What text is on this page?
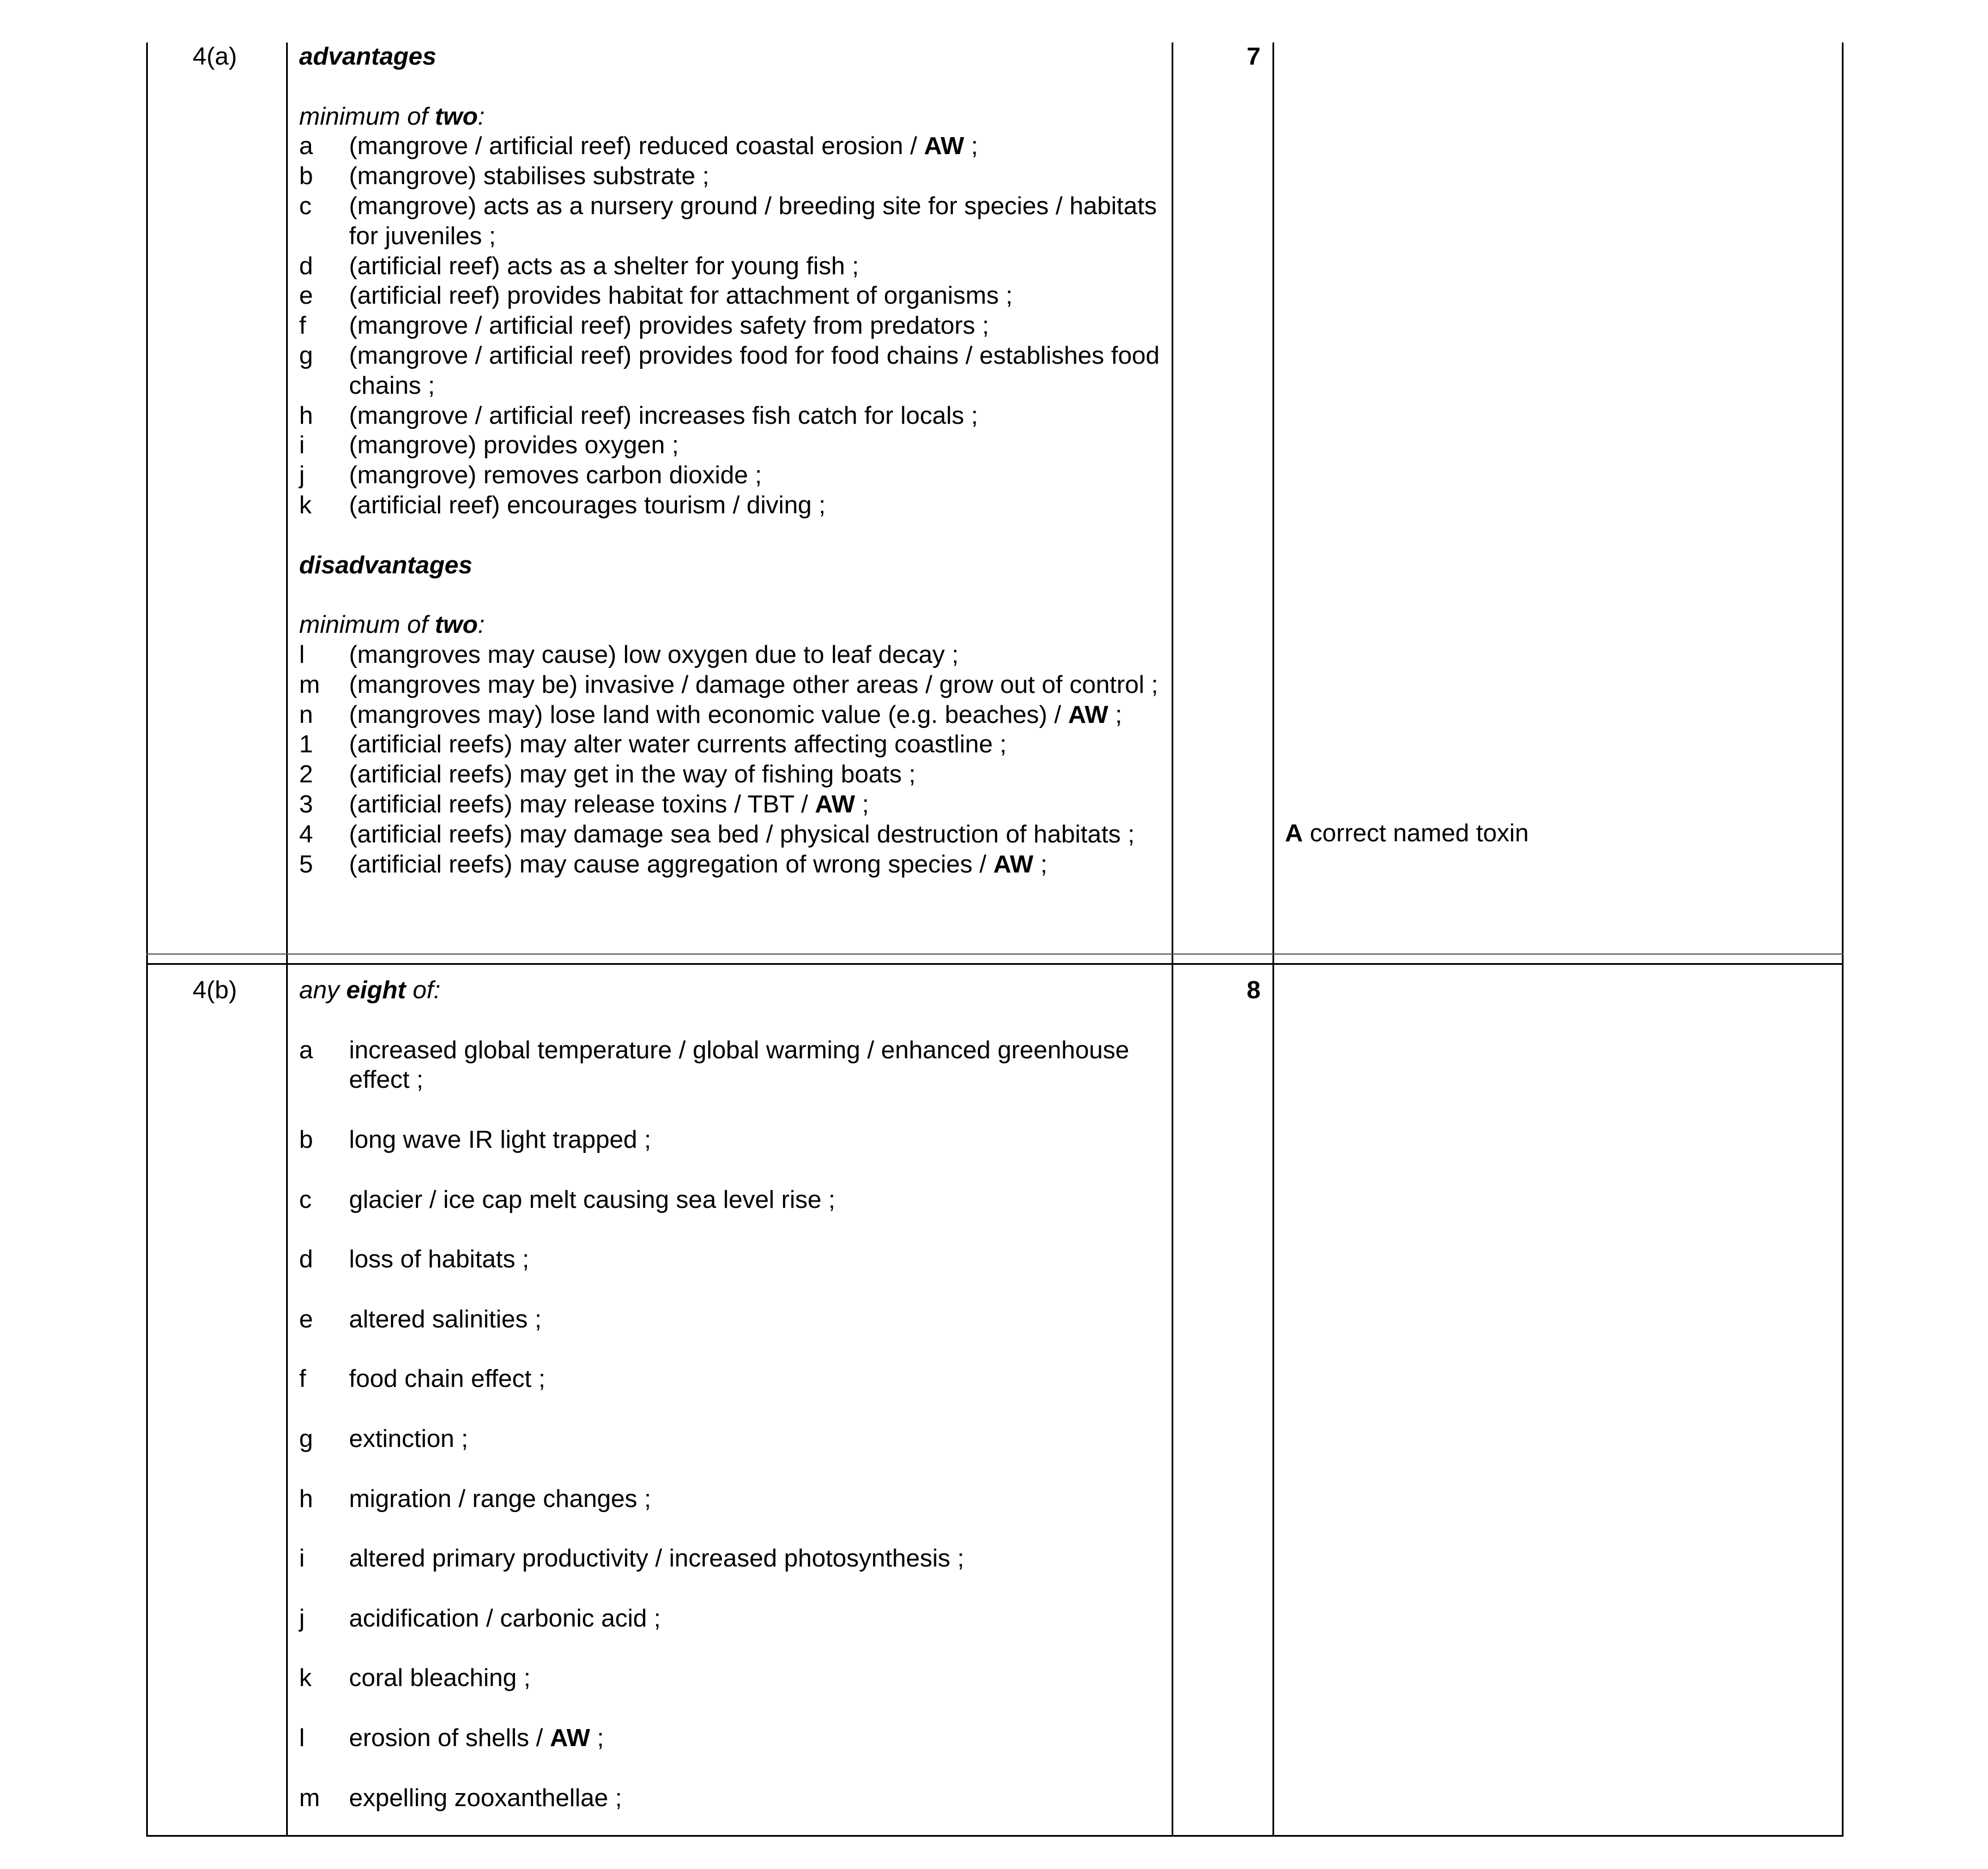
4(a)	7
advantages
minimum of two:
a (mangrove / artificial reef) reduced coastal erosion / AW ;
b (mangrove) stabilises substrate ;
c (mangrove) acts as a nursery ground / breeding site for species / habitats for juveniles ;
d (artificial reef) acts as a shelter for young fish ;
e (artificial reef) provides habitat for attachment of organisms ;
f (mangrove / artificial reef) provides safety from predators ;
g (mangrove / artificial reef) provides food for food chains / establishes food chains ;
h (mangrove / artificial reef) increases fish catch for locals ;
i (mangrove) provides oxygen ;
j (mangrove) removes carbon dioxide ;
k (artificial reef) encourages tourism / diving ;
disadvantages
minimum of two:
l (mangroves may cause) low oxygen due to leaf decay ;
m (mangroves may be) invasive / damage other areas / grow out of control ;
n (mangroves may) lose land with economic value (e.g. beaches) / AW ;
1 (artificial reefs) may alter water currents affecting coastline ;
2 (artificial reefs) may get in the way of fishing boats ;
3 (artificial reefs) may release toxins / TBT / AW ;
4 (artificial reefs) may damage sea bed / physical destruction of habitats ;
5 (artificial reefs) may cause aggregation of wrong species / AW ;
A correct named toxin
4(b)	8
any eight of:
a increased global temperature / global warming / enhanced greenhouse effect ;
b long wave IR light trapped ;
c glacier / ice cap melt causing sea level rise ;
d loss of habitats ;
e altered salinities ;
f food chain effect ;
g extinction ;
h migration / range changes ;
i altered primary productivity / increased photosynthesis ;
j acidification / carbonic acid ;
k coral bleaching ;
l erosion of shells / AW ;
m expelling zooxanthellae ;
